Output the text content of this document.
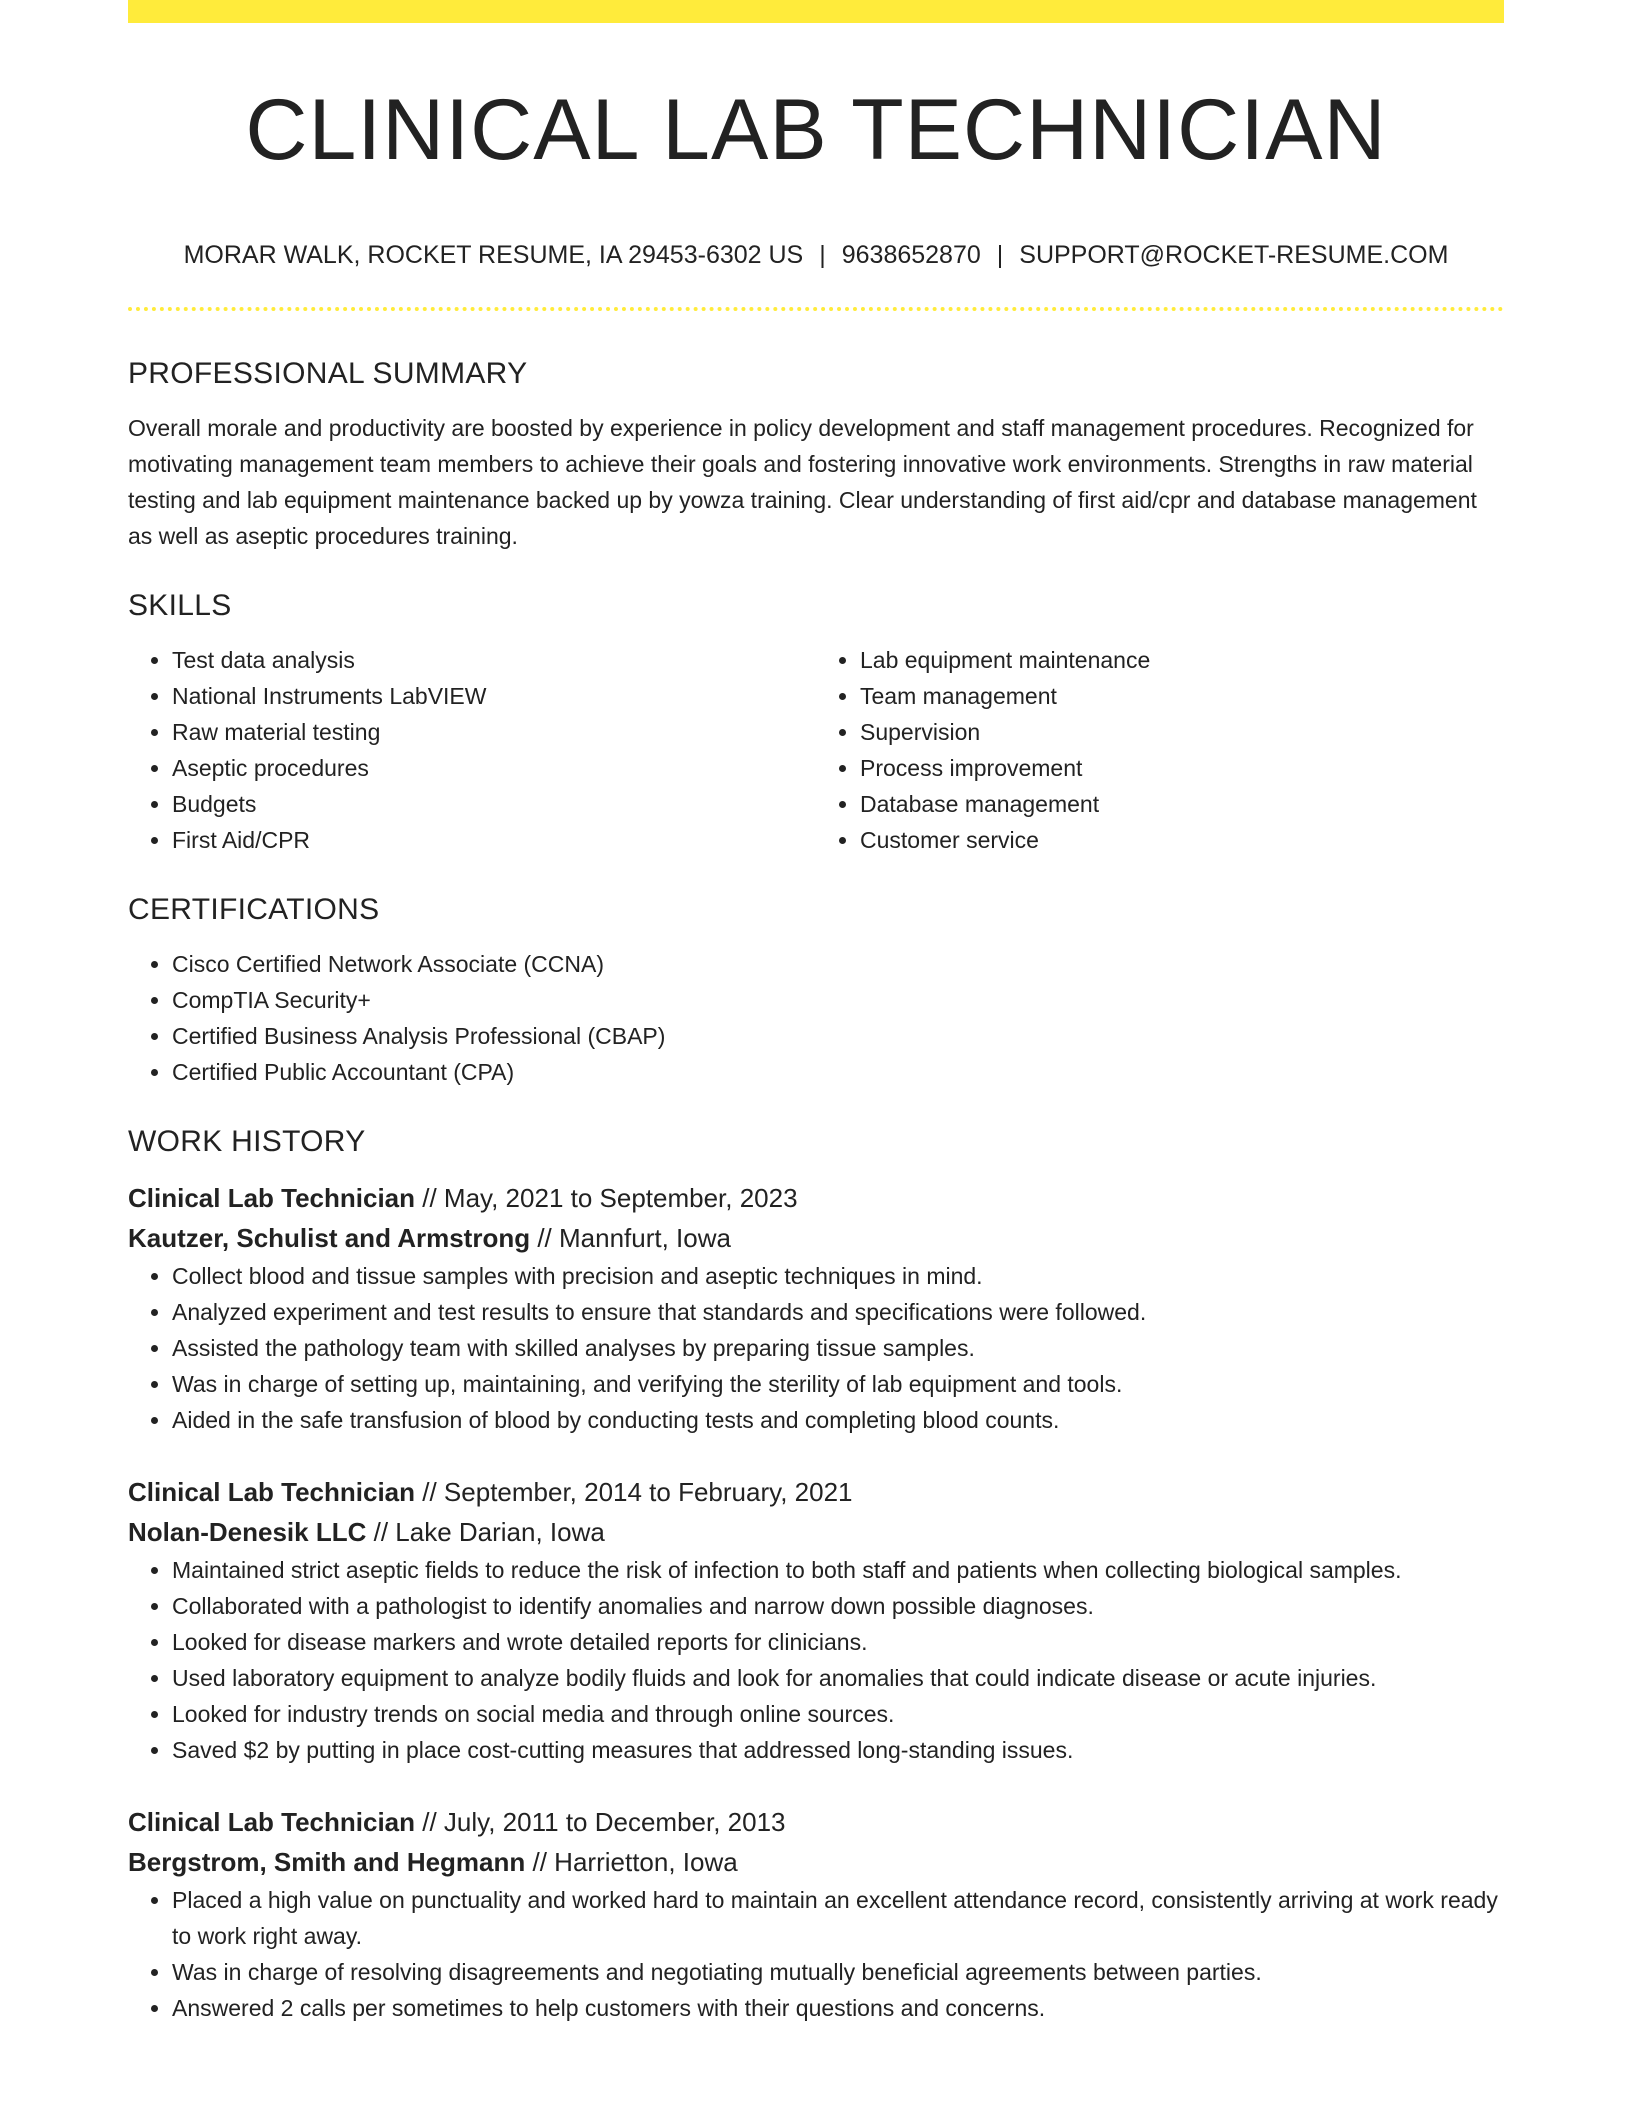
CLINICAL LAB TECHNICIAN
MORAR WALK, ROCKET RESUME, IA 29453-6302 US | 9638652870 | SUPPORT@ROCKET-RESUME.COM
PROFESSIONAL SUMMARY

Overall morale and productivity are boosted by experience in policy development and staff management procedures. Recognized for motivating management team members to achieve their goals and fostering innovative work environments. Strengths in raw material testing and lab equipment maintenance backed up by yowza training. Clear understanding of first aid/cpr and database management as well as aseptic procedures training.

SKILLS
• Test data analysis
• National Instruments LabVIEW
• Raw material testing
• Aseptic procedures
• Budgets
• First Aid/CPR
• Lab equipment maintenance
• Team management
• Supervision
• Process improvement
• Database management
• Customer service
CERTIFICATIONS
• Cisco Certified Network Associate (CCNA)
• CompTIA Security+
• Certified Business Analysis Professional (CBAP)
• Certified Public Accountant (CPA)
WORK HISTORY

Clinical Lab Technician // May, 2021 to September, 2023

Kautzer, Schulist and Armstrong // Mannfurt, Iowa

• Collect blood and tissue samples with precision and aseptic techniques in mind.
• Analyzed experiment and test results to ensure that standards and specifications were followed.
• Assisted the pathology team with skilled analyses by preparing tissue samples.
• Was in charge of setting up, maintaining, and verifying the sterility of lab equipment and tools.
• Aided in the safe transfusion of blood by conducting tests and completing blood counts.

Clinical Lab Technician // September, 2014 to February, 2021

Nolan-Denesik LLC // Lake Darian, Iowa

• Maintained strict aseptic fields to reduce the risk of infection to both staff and patients when collecting biological samples.
• Collaborated with a pathologist to identify anomalies and narrow down possible diagnoses.
• Looked for disease markers and wrote detailed reports for clinicians.
• Used laboratory equipment to analyze bodily fluids and look for anomalies that could indicate disease or acute injuries.
• Looked for industry trends on social media and through online sources.
• Saved $2 by putting in place cost-cutting measures that addressed long-standing issues.

Clinical Lab Technician // July, 2011 to December, 2013

Bergstrom, Smith and Hegmann // Harrietton, Iowa

• Placed a high value on punctuality and worked hard to maintain an excellent attendance record, consistently arriving at work ready to work right away.
• Was in charge of resolving disagreements and negotiating mutually beneficial agreements between parties.
• Answered 2 calls per sometimes to help customers with their questions and concerns.
